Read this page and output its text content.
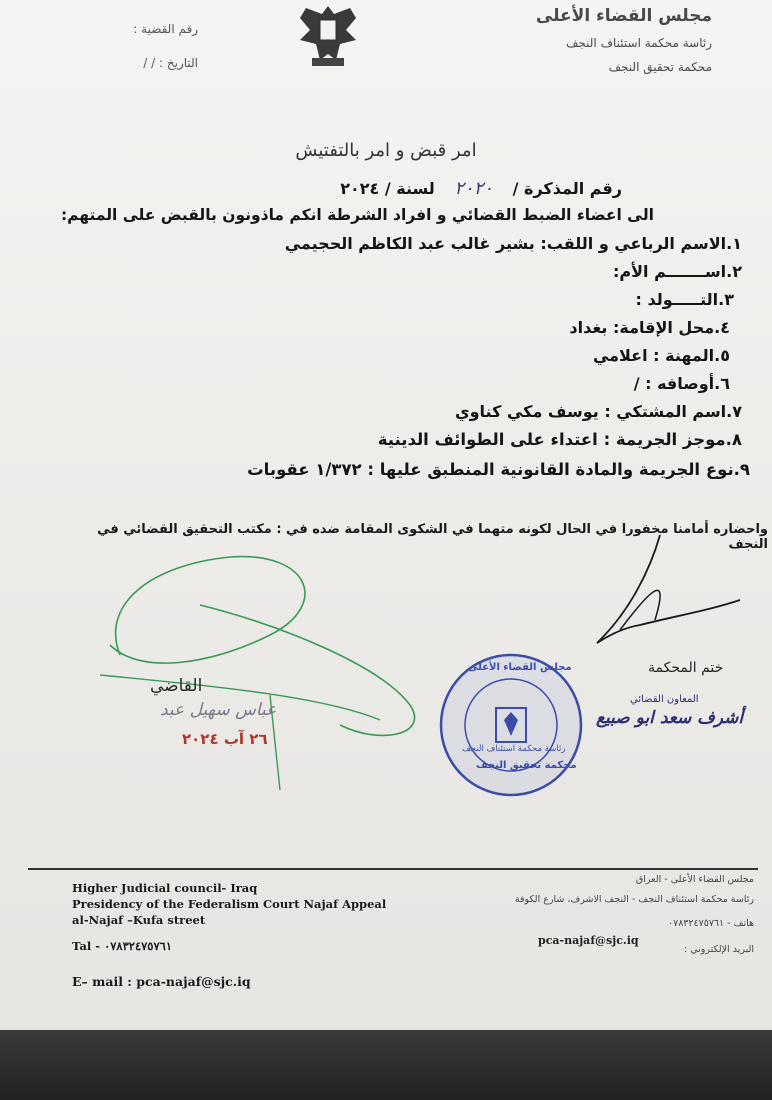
مجلس القضاء الأعلى
رئاسة محكمة استئناف النجف
محكمة تحقيق النجف
رقم القضية :
التاريخ : / /
امر قبض و امر بالتفتيش
رقم المذكرة / ٢٠٢٠ لسنة / ٢٠٢٤
الى اعضاء الضبط القضائي و افراد الشرطة انكم ماذونون بالقبض على المتهم:
١.الاسم الرباعي و اللقب: بشير غالب عبد الكاظم الحجيمي
٢.اســـــــم الأم:
٣.التـــــولد :
٤.محل الإقامة: بغداد
٥.المهنة : اعلامي
٦.أوصافه : /
٧.اسم المشتكي : يوسف مكي كناوي
٨.موجز الجريمة : اعتداء على الطوائف الدينية
٩.نوع الجريمة والمادة القانونية المنطبق عليها : ١/٣٧٢ عقوبات
واحضاره أمامنا مخفورا في الحال لكونه متهما في الشكوى المقامة ضده في : مكتب التحقيق القضائي في النجف
القاضي
عباس سهيل عبد
٢٦ آب ٢٠٢٤
ختم المحكمة
مجلس القضاء الأعلى
رئاسة محكمة استئناف النجف
محكمة تحقيق النجف
المعاون القضائي
أشرف سعد ابو صبيع
Higher Judicial council- Iraq
Presidency of the Federalism Court Najaf Appeal
al-Najaf –Kufa street
Tal - ٠٧٨٣٢٤٧٥٧٦١
E– mail : pca-najaf@sjc.iq
مجلس القضاء الأعلى - العراق
رئاسة محكمة استئناف النجف - النجف الاشرف، شارع الكوفة
هاتف - ٠٧٨٣٢٤٧٥٧٦١
البريد الإلكتروني :
pca-najaf@sjc.iq
